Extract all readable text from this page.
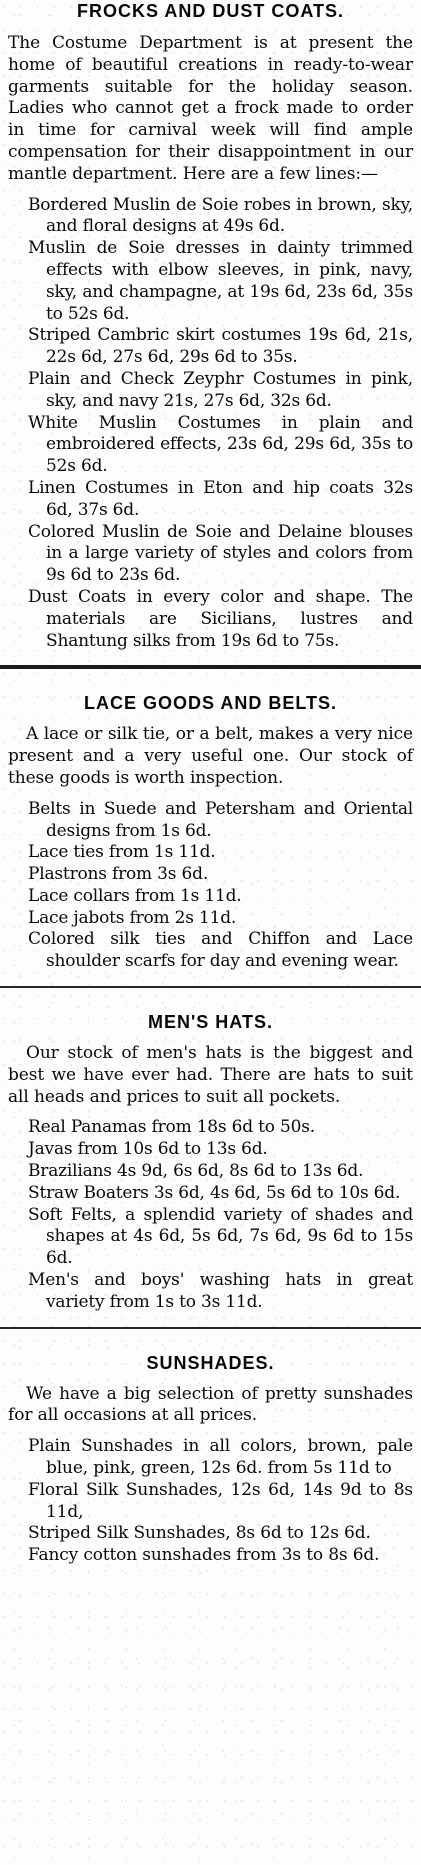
FROCKS AND DUST COATS.

The Costume Department is at present the home of beautiful creations in ready-to-wear garments suitable for the holiday season. Ladies who cannot get a frock made to order in time for carnival week will find ample compensation for their disappointment in our mantle department. Here are a few lines:—

Bordered Muslin de Soie robes in brown, sky, and floral designs at 49s 6d.

Muslin de Soie dresses in dainty trimmed effects with elbow sleeves, in pink, navy, sky, and champagne, at 19s 6d, 23s 6d, 35s to 52s 6d.

Striped Cambric skirt costumes 19s 6d, 21s, 22s 6d, 27s 6d, 29s 6d to 35s.

Plain and Check Zeyphr Costumes in pink, sky, and navy 21s, 27s 6d, 32s 6d.

White Muslin Costumes in plain and embroidered effects, 23s 6d, 29s 6d, 35s to 52s 6d.

Linen Costumes in Eton and hip coats 32s 6d, 37s 6d.

Colored Muslin de Soie and Delaine blouses in a large variety of styles and colors from 9s 6d to 23s 6d.

Dust Coats in every color and shape. The materials are Sicilians, lustres and Shantung silks from 19s 6d to 75s.

LACE GOODS AND BELTS.

A lace or silk tie, or a belt, makes a very nice present and a very useful one. Our stock of these goods is worth inspection.

Belts in Suede and Petersham and Oriental designs from 1s 6d.

Lace ties from 1s 11d.

Plastrons from 3s 6d.

Lace collars from 1s 11d.

Lace jabots from 2s 11d.

Colored silk ties and Chiffon and Lace shoulder scarfs for day and evening wear.

MEN'S HATS.

Our stock of men's hats is the biggest and best we have ever had. There are hats to suit all heads and prices to suit all pockets.

Real Panamas from 18s 6d to 50s.

Javas from 10s 6d to 13s 6d.

Brazilians 4s 9d, 6s 6d, 8s 6d to 13s 6d.

Straw Boaters 3s 6d, 4s 6d, 5s 6d to 10s 6d.

Soft Felts, a splendid variety of shades and shapes at 4s 6d, 5s 6d, 7s 6d, 9s 6d to 15s 6d.

Men's and boys' washing hats in great variety from 1s to 3s 11d.

SUNSHADES.

We have a big selection of pretty sunshades for all occasions at all prices.

Plain Sunshades in all colors, brown, pale blue, pink, green, 12s 6d. from 5s 11d to

Floral Silk Sunshades, 12s 6d, 14s 9d to 8s 11d,

Striped Silk Sunshades, 8s 6d to 12s 6d.

Fancy cotton sunshades from 3s to 8s 6d.
